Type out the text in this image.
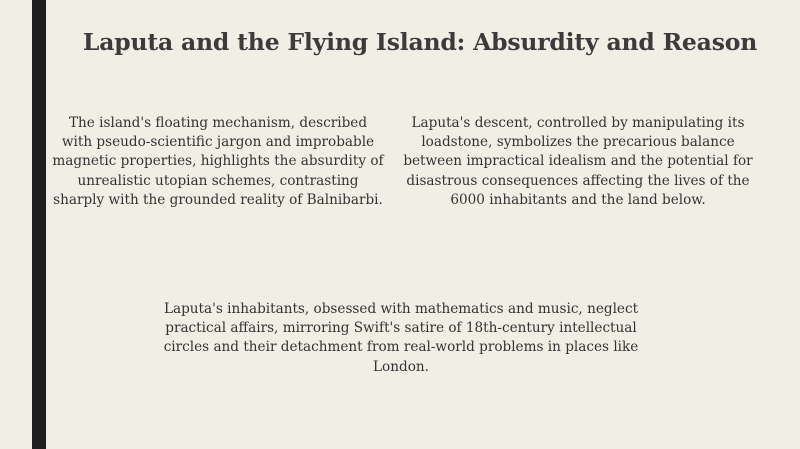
Laputa and the Flying Island: Absurdity and Reason

The island's floating mechanism, described with pseudo-scientific jargon and improbable magnetic properties, highlights the absurdity of unrealistic utopian schemes, contrasting sharply with the grounded reality of Balnibarbi.

Laputa's descent, controlled by manipulating its loadstone, symbolizes the precarious balance between impractical idealism and the potential for disastrous consequences affecting the lives of the 6000 inhabitants and the land below.

Laputa's inhabitants, obsessed with mathematics and music, neglect practical affairs, mirroring Swift's satire of 18th-century intellectual circles and their detachment from real-world problems in places like London.
